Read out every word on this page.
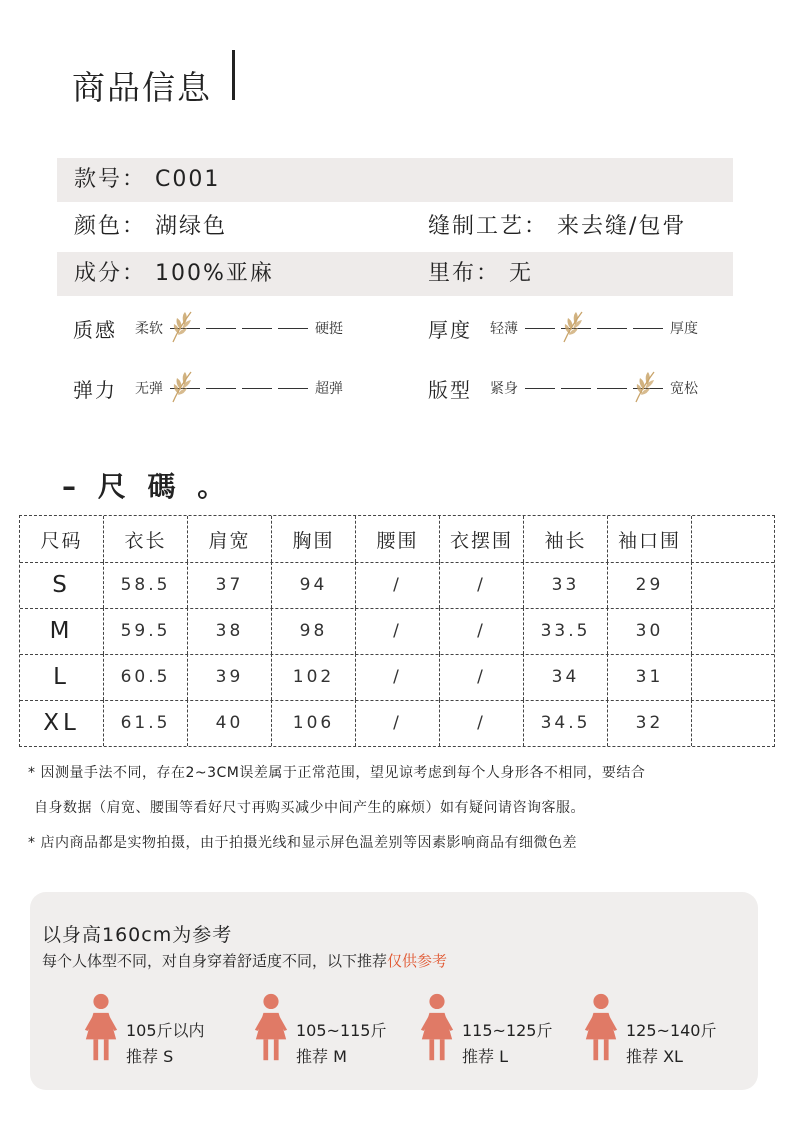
商品信息
款号： C001
颜色： 湖绿色	缝制工艺： 来去缝/包骨
成分： 100%亚麻	里布： 无
质感	柔软	硬挺	厚度	轻薄	厚度
弹力	无弹	超弹	版型	紧身	宽松
– 尺 碼 。
尺码	衣长	肩宽	胸围	腰围	衣摆围	袖长	袖口围
S	58.5	37	94	/	/	33	29
M	59.5	38	98	/	/	33.5	30
L	60.5	39	102	/	/	34	31
XL	61.5	40	106	/	/	34.5	32
* 因测量手法不同，存在2~3CM误差属于正常范围，望见谅考虑到每个人身形各不相同，要结合
自身数据（肩宽、腰围等看好尺寸再购买减少中间产生的麻烦）如有疑问请咨询客服。
* 店内商品都是实物拍摄，由于拍摄光线和显示屏色温差别等因素影响商品有细微色差
以身高160cm为参考
每个人体型不同，对自身穿着舒适度不同，以下推荐仅供参考
105斤以内
推荐 S
105~115斤
推荐 M
115~125斤
推荐 L
125~140斤
推荐 XL
